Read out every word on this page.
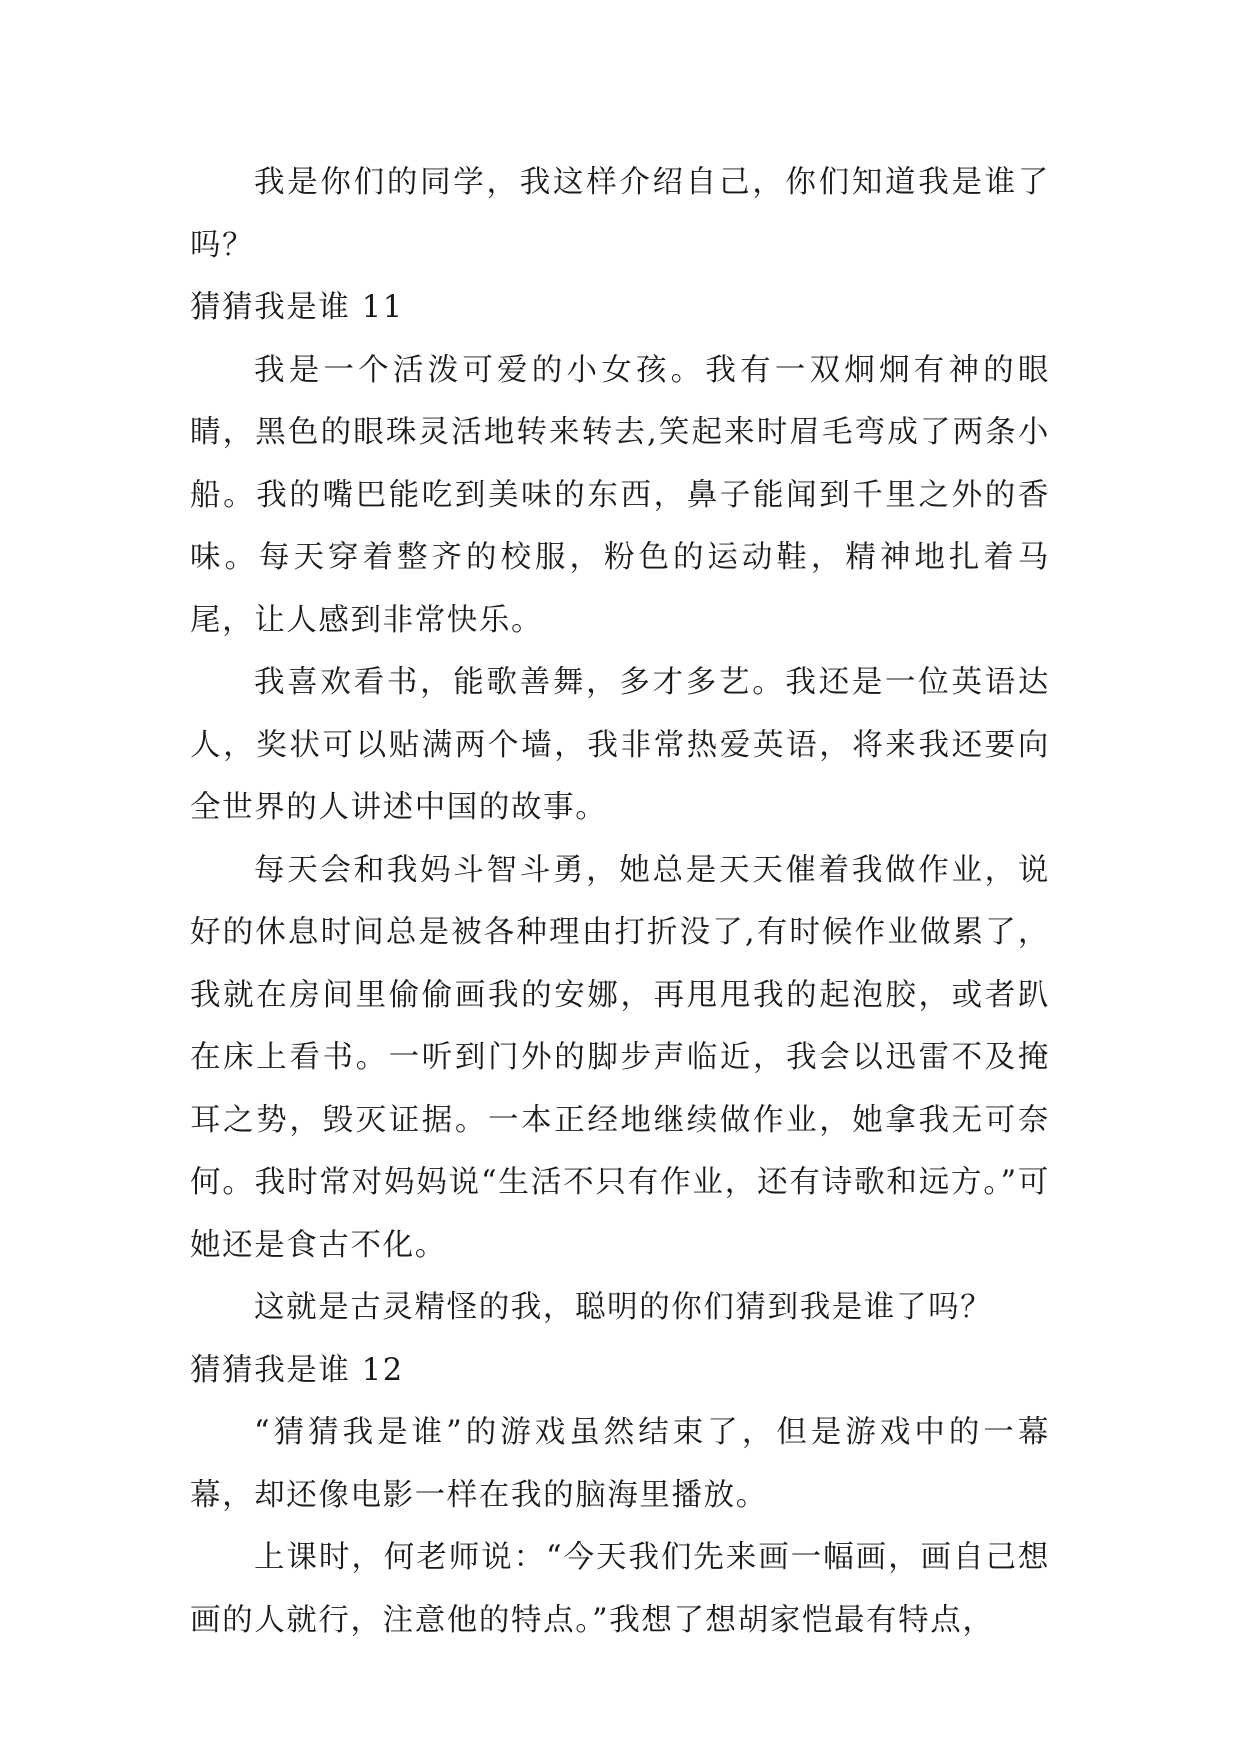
我是你们的同学，我这样介绍自己，你们知道我是谁了吗？

猜猜我是谁 11

我是一个活泼可爱的小女孩。我有一双炯炯有神的眼睛，黑色的眼珠灵活地转来转去,笑起来时眉毛弯成了两条小船。我的嘴巴能吃到美味的东西，鼻子能闻到千里之外的香味。每天穿着整齐的校服，粉色的运动鞋，精神地扎着马尾，让人感到非常快乐。

我喜欢看书，能歌善舞，多才多艺。我还是一位英语达人，奖状可以贴满两个墙，我非常热爱英语，将来我还要向全世界的人讲述中国的故事。

每天会和我妈斗智斗勇，她总是天天催着我做作业，说好的休息时间总是被各种理由打折没了,有时候作业做累了，我就在房间里偷偷画我的安娜，再甩甩我的起泡胶，或者趴在床上看书。一听到门外的脚步声临近，我会以迅雷不及掩耳之势，毁灭证据。一本正经地继续做作业，她拿我无可奈何。我时常对妈妈说“生活不只有作业，还有诗歌和远方。”可她还是食古不化。

这就是古灵精怪的我，聪明的你们猜到我是谁了吗？

猜猜我是谁 12

“猜猜我是谁”的游戏虽然结束了，但是游戏中的一幕幕，却还像电影一样在我的脑海里播放。

上课时，何老师说：“今天我们先来画一幅画，画自己想画的人就行，注意他的特点。”我想了想胡家恺最有特点，
